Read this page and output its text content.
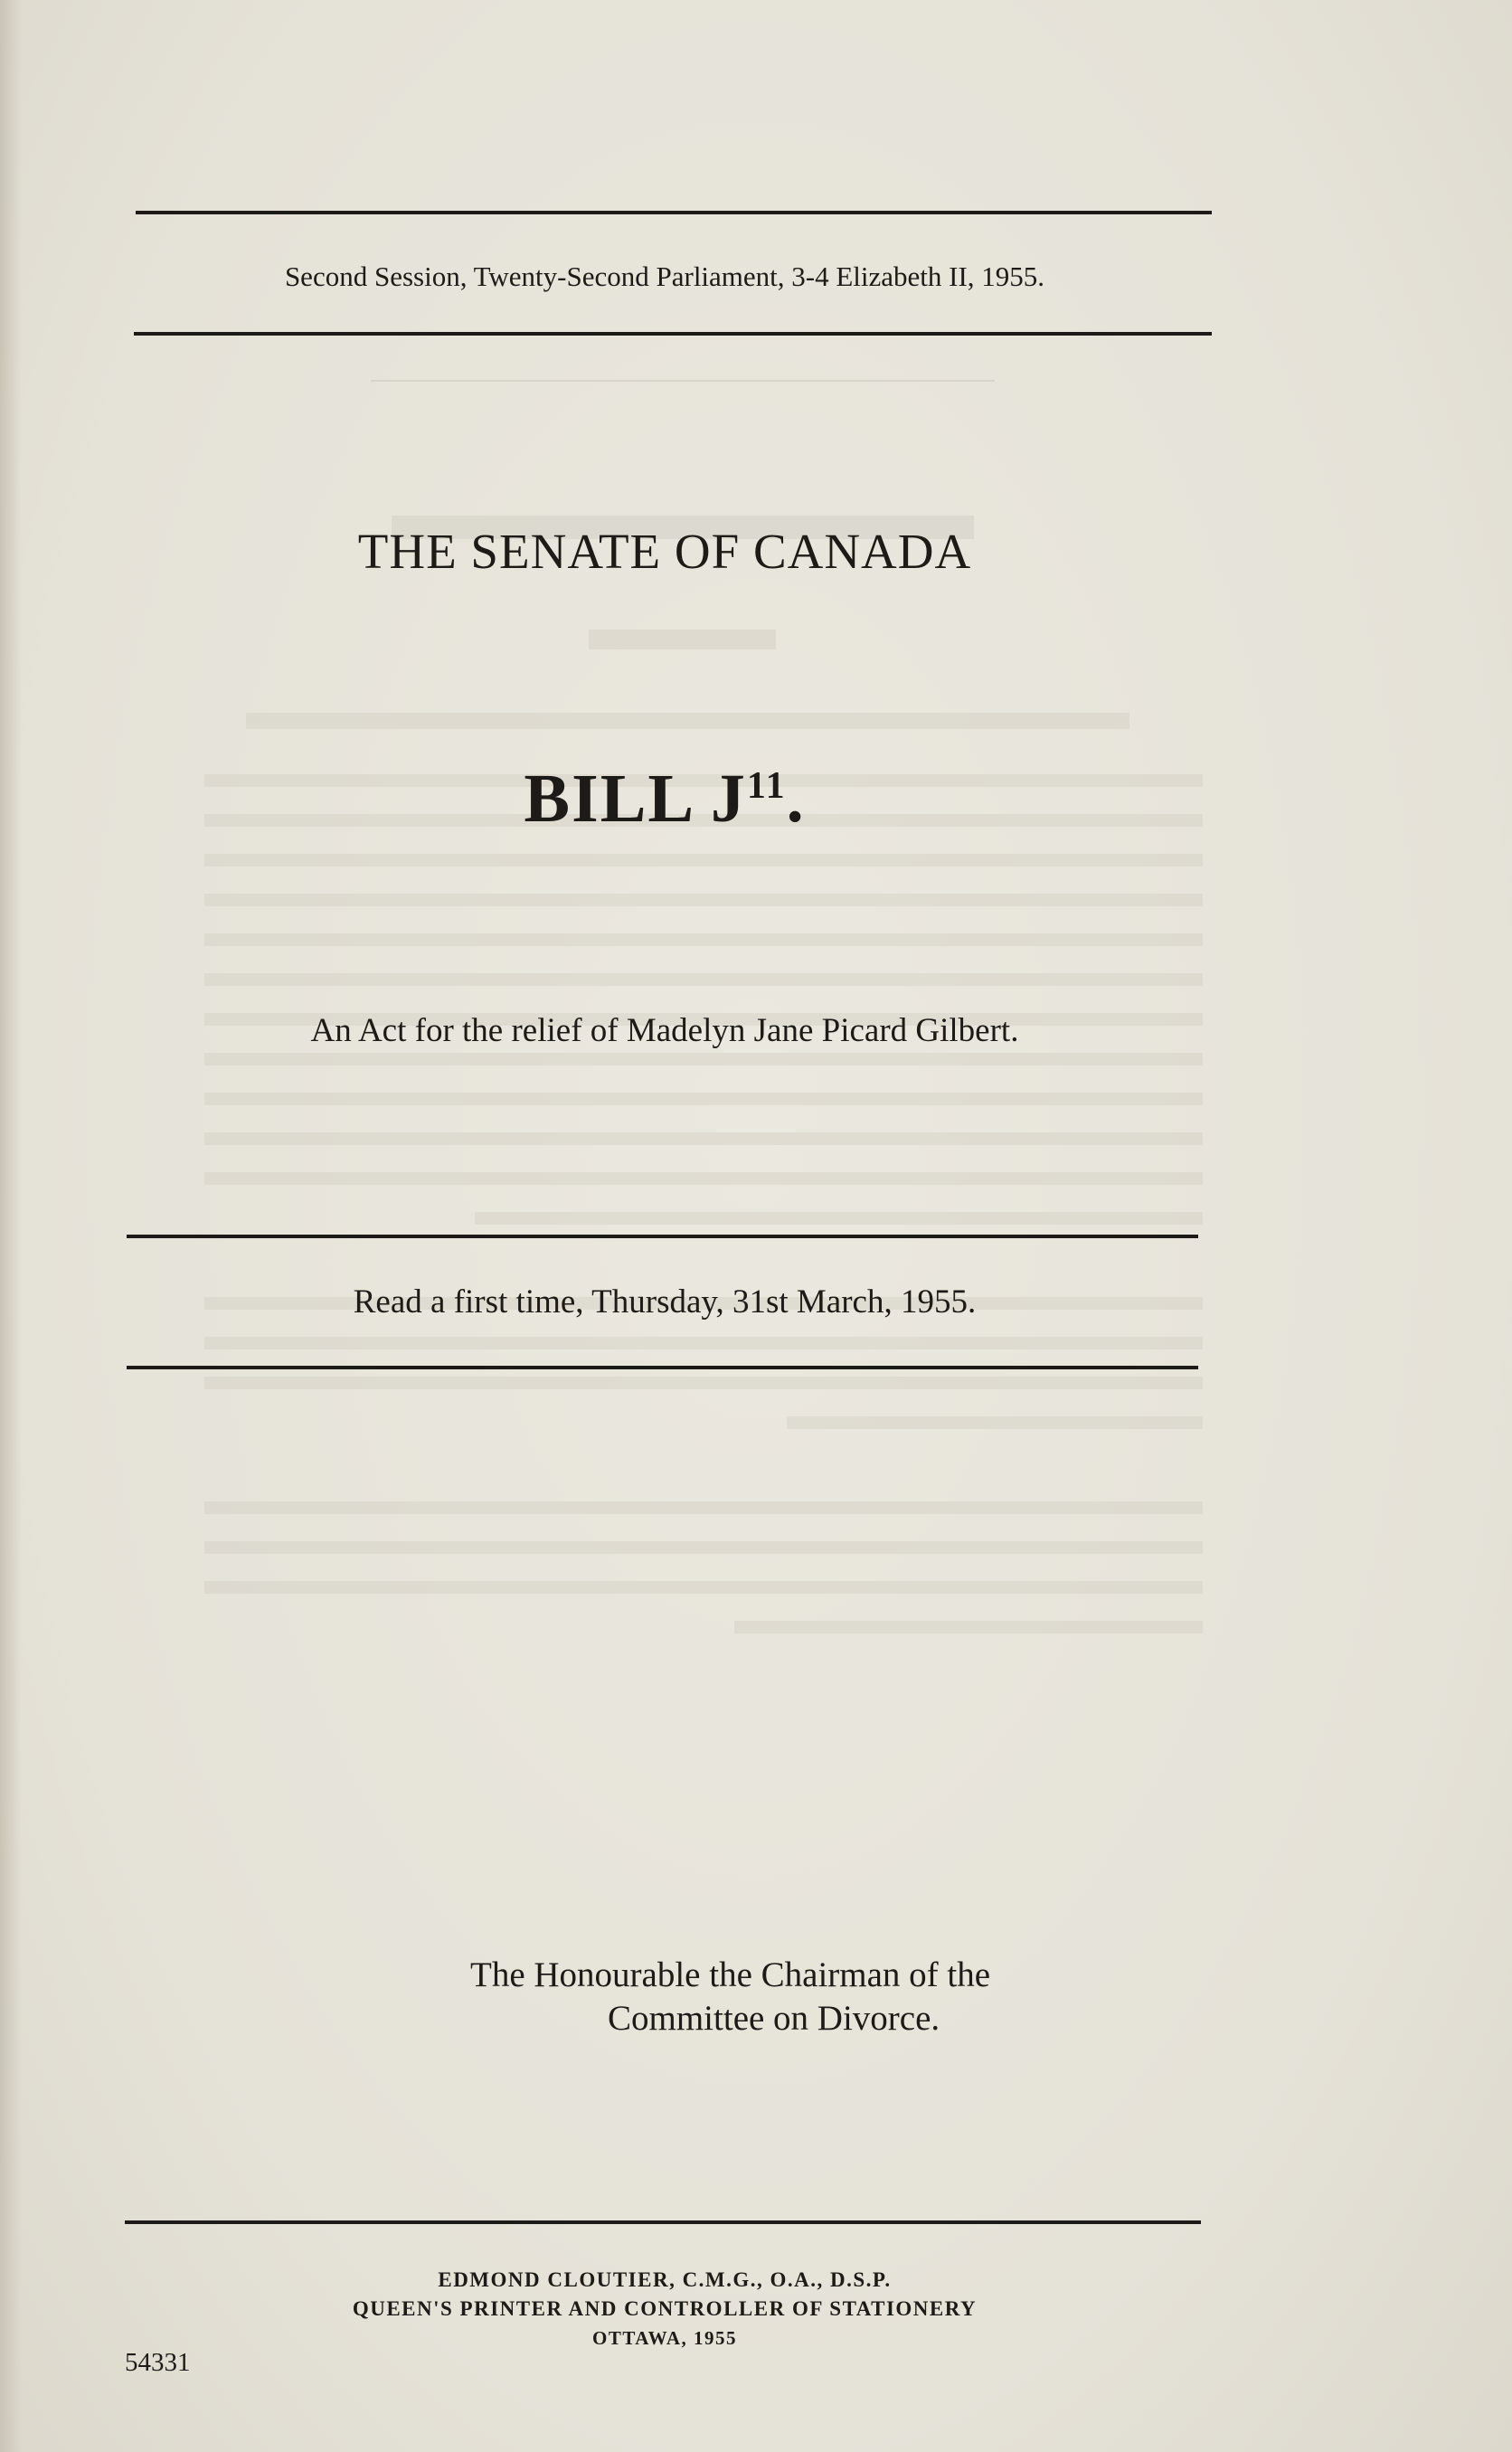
Second Session, Twenty-Second Parliament, 3-4 Elizabeth II, 1955.
THE SENATE OF CANADA
BILL $J^{11}$.
An Act for the relief of Madelyn Jane Picard Gilbert.
Read a first time, Thursday, 31st March, 1955.
The Honourable the Chairman of the
Committee on Divorce.
EDMOND CLOUTIER, C.M.G., O.A., D.S.P.
QUEEN'S PRINTER AND CONTROLLER OF STATIONERY
OTTAWA, 1955
54331
